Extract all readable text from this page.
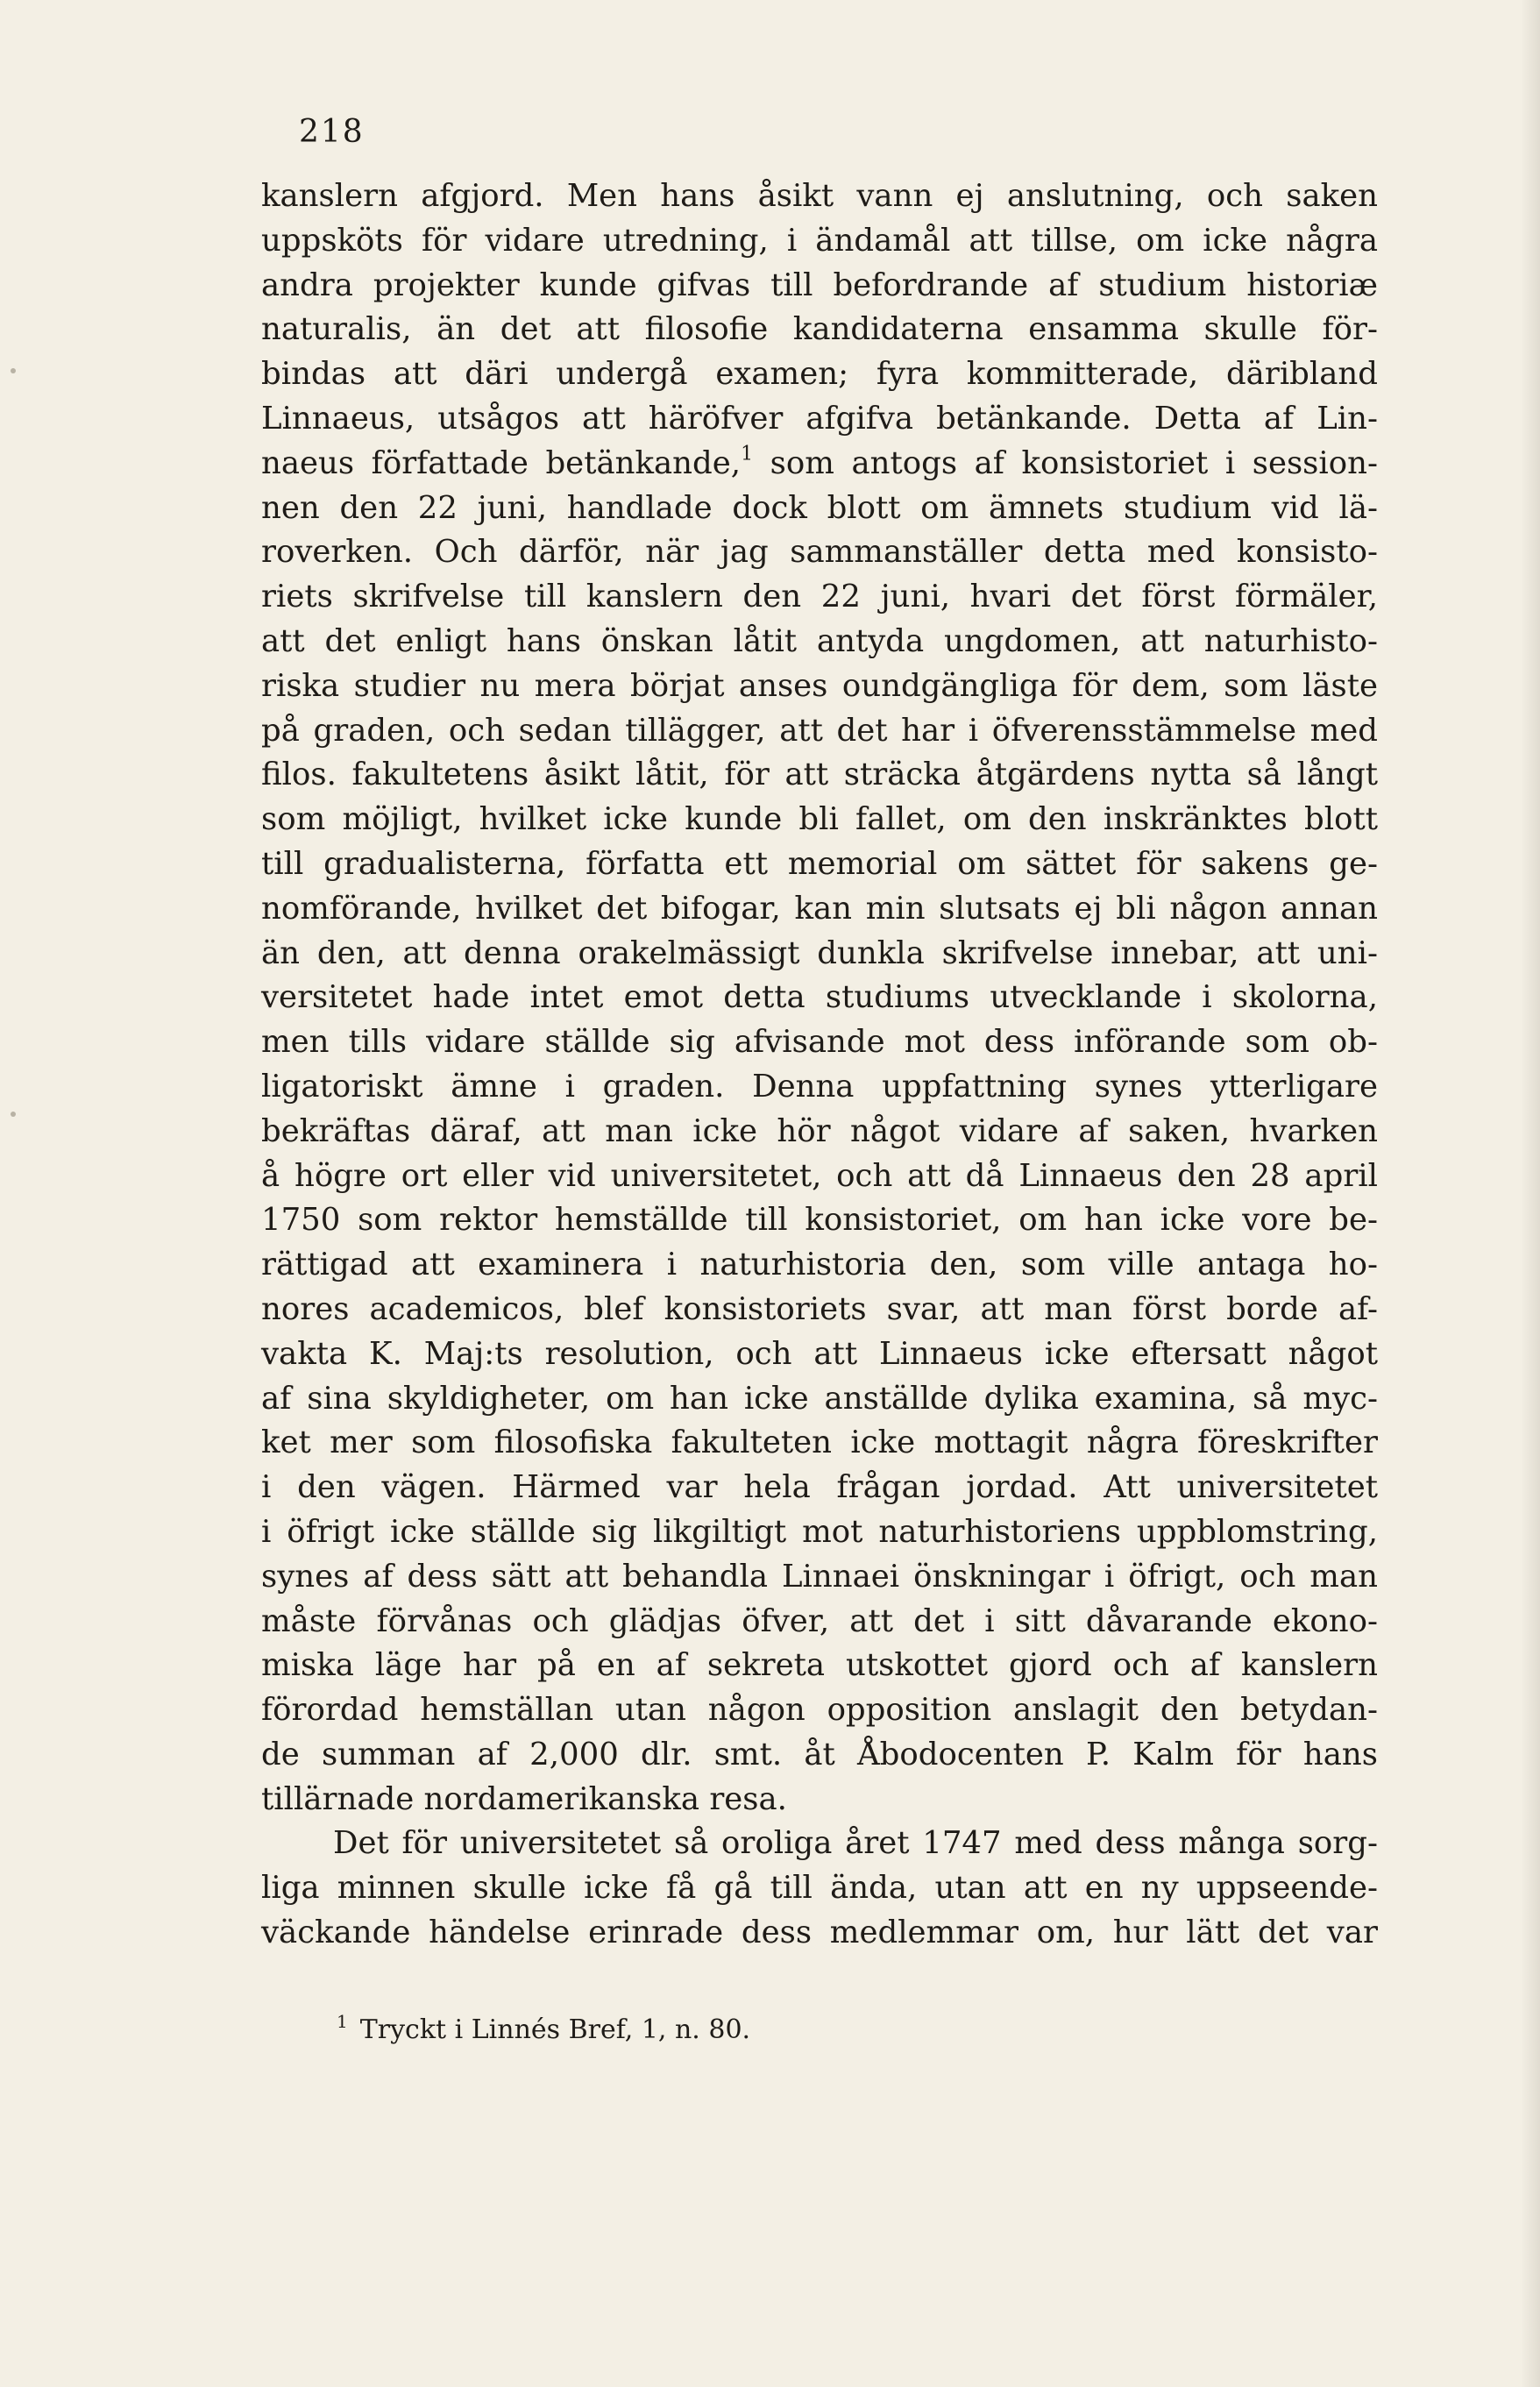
218
kanslern afgjord. Men hans åsikt vann ej anslutning, och saken
uppsköts för vidare utredning, i ändamål att tillse, om icke några
andra projekter kunde gifvas till befordrande af studium historiæ
naturalis, än det att filosofie kandidaterna ensamma skulle för-
bindas att däri undergå examen; fyra kommitterade, däribland
Linnaeus, utsågos att häröfver afgifva betänkande. Detta af Lin-
naeus författade betänkande,$^1$ som antogs af konsistoriet i session-
nen den 22 juni, handlade dock blott om ämnets studium vid lä-
roverken. Och därför, när jag sammanställer detta med konsisto-
riets skrifvelse till kanslern den 22 juni, hvari det först förmäler,
att det enligt hans önskan låtit antyda ungdomen, att naturhisto-
riska studier nu mera börjat anses oundgängliga för dem, som läste
på graden, och sedan tillägger, att det har i öfverensstämmelse med
filos. fakultetens åsikt låtit, för att sträcka åtgärdens nytta så långt
som möjligt, hvilket icke kunde bli fallet, om den inskränktes blott
till gradualisterna, författa ett memorial om sättet för sakens ge-
nomförande, hvilket det bifogar, kan min slutsats ej bli någon annan
än den, att denna orakelmässigt dunkla skrifvelse innebar, att uni-
versitetet hade intet emot detta studiums utvecklande i skolorna,
men tills vidare ställde sig afvisande mot dess införande som ob-
ligatoriskt ämne i graden. Denna uppfattning synes ytterligare
bekräftas däraf, att man icke hör något vidare af saken, hvarken
å högre ort eller vid universitetet, och att då Linnaeus den 28 april
1750 som rektor hemställde till konsistoriet, om han icke vore be-
rättigad att examinera i naturhistoria den, som ville antaga ho-
nores academicos, blef konsistoriets svar, att man först borde af-
vakta K. Maj:ts resolution, och att Linnaeus icke eftersatt något
af sina skyldigheter, om han icke anställde dylika examina, så myc-
ket mer som filosofiska fakulteten icke mottagit några föreskrifter
i den vägen. Härmed var hela frågan jordad. Att universitetet
i öfrigt icke ställde sig likgiltigt mot naturhistoriens uppblomstring,
synes af dess sätt att behandla Linnaei önskningar i öfrigt, och man
måste förvånas och glädjas öfver, att det i sitt dåvarande ekono-
miska läge har på en af sekreta utskottet gjord och af kanslern
förordad hemställan utan någon opposition anslagit den betydan-
de summan af 2,000 dlr. smt. åt Åbodocenten P. Kalm för hans
tillärnade nordamerikanska resa.
Det för universitetet så oroliga året 1747 med dess många sorg-
liga minnen skulle icke få gå till ända, utan att en ny uppseende-
väckande händelse erinrade dess medlemmar om, hur lätt det var
$^1$ Tryckt i Linnés Bref, 1, n. 80.
